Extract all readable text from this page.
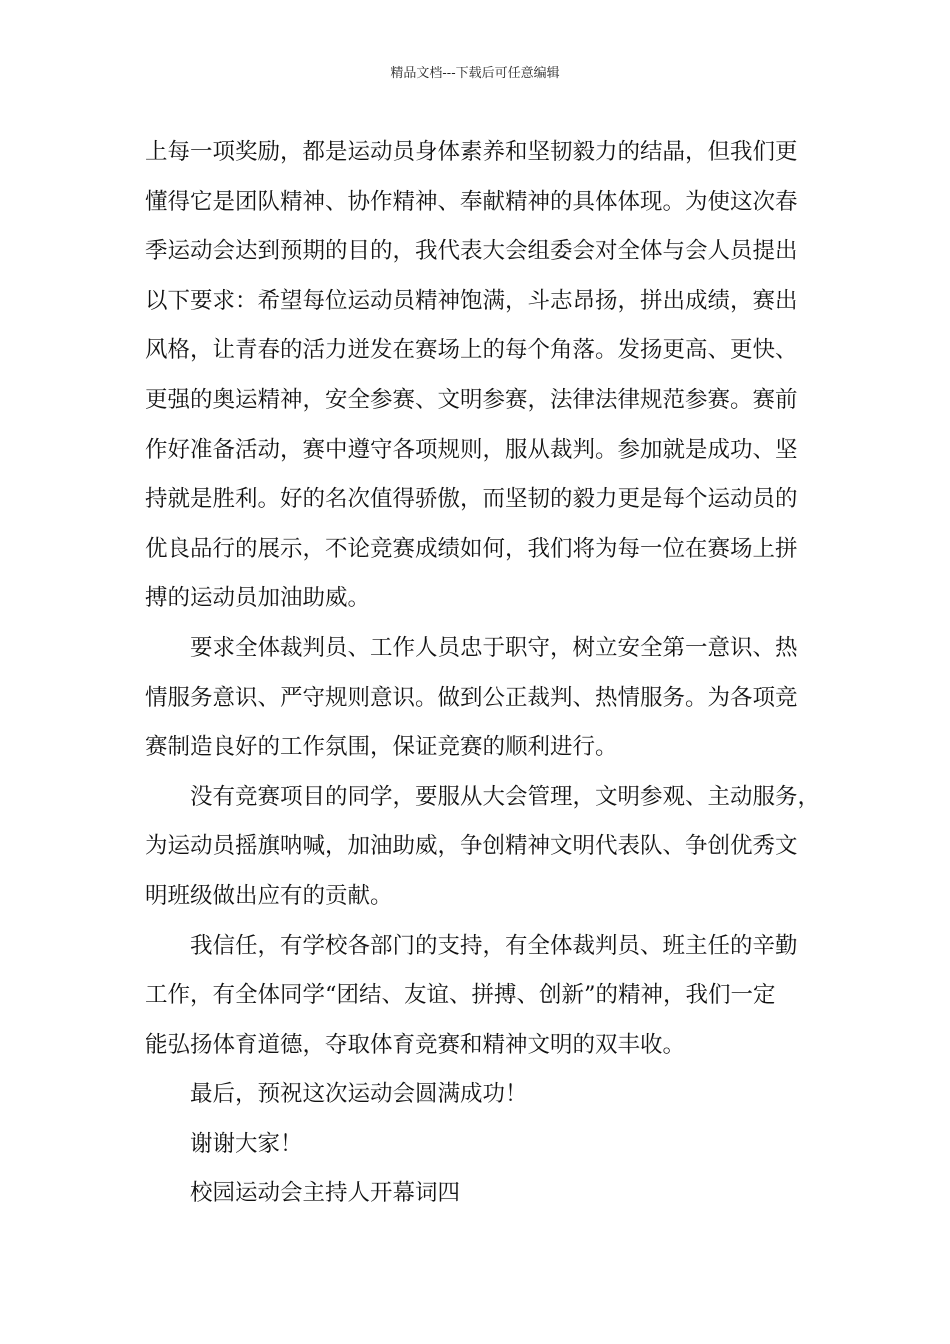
精品文档---下载后可任意编辑
上每一项奖励，都是运动员身体素养和坚韧毅力的结晶，但我们更
懂得它是团队精神、协作精神、奉献精神的具体体现。为使这次春
季运动会达到预期的目的，我代表大会组委会对全体与会人员提出
以下要求：希望每位运动员精神饱满，斗志昂扬，拼出成绩，赛出
风格，让青春的活力迸发在赛场上的每个角落。发扬更高、更快、
更强的奥运精神，安全参赛、文明参赛，法律法律规范参赛。赛前
作好准备活动，赛中遵守各项规则，服从裁判。参加就是成功、坚
持就是胜利。好的名次值得骄傲，而坚韧的毅力更是每个运动员的
优良品行的展示，不论竞赛成绩如何，我们将为每一位在赛场上拼
搏的运动员加油助威。
要求全体裁判员、工作人员忠于职守，树立安全第一意识、热
情服务意识、严守规则意识。做到公正裁判、热情服务。为各项竞
赛制造良好的工作氛围，保证竞赛的顺利进行。
没有竞赛项目的同学，要服从大会管理，文明参观、主动服务，
为运动员摇旗呐喊，加油助威，争创精神文明代表队、争创优秀文
明班级做出应有的贡献。
我信任，有学校各部门的支持，有全体裁判员、班主任的辛勤
工作，有全体同学“团结、友谊、拼搏、创新”的精神，我们一定
能弘扬体育道德，夺取体育竞赛和精神文明的双丰收。
最后，预祝这次运动会圆满成功！
谢谢大家！
校园运动会主持人开幕词四
